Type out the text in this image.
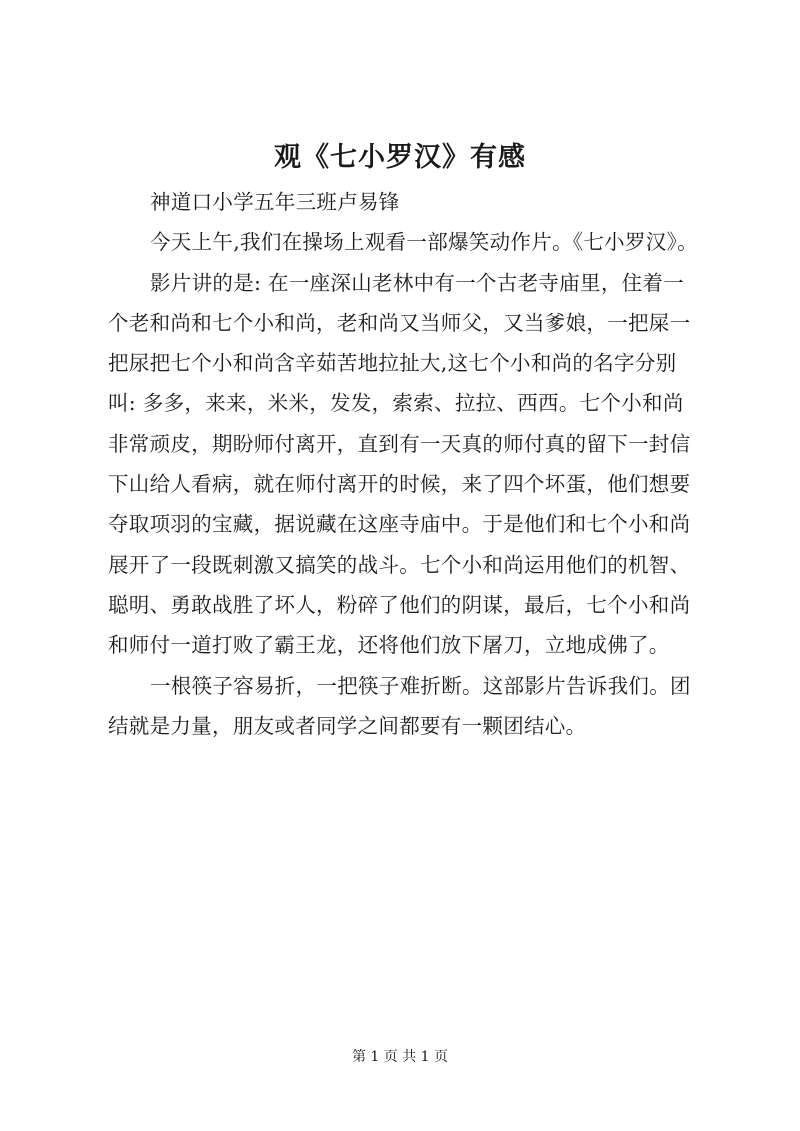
观《七小罗汉》有感
神道口小学五年三班卢易锋
今天上午,我们在操场上观看一部爆笑动作片。《七小罗汉》。
影片讲的是: 在一座深山老林中有一个古老寺庙里，住着一
个老和尚和七个小和尚，老和尚又当师父，又当爹娘，一把屎一
把尿把七个小和尚含辛茹苦地拉扯大,这七个小和尚的名字分别
叫: 多多，来来，米米，发发，索索、拉拉、西西。七个小和尚
非常顽皮，期盼师付离开，直到有一天真的师付真的留下一封信
下山给人看病，就在师付离开的时候，来了四个坏蛋，他们想要
夺取项羽的宝藏，据说藏在这座寺庙中。于是他们和七个小和尚
展开了一段既刺激又搞笑的战斗。七个小和尚运用他们的机智、
聪明、勇敢战胜了坏人，粉碎了他们的阴谋，最后，七个小和尚
和师付一道打败了霸王龙，还将他们放下屠刀，立地成佛了。
一根筷子容易折，一把筷子难折断。这部影片告诉我们。团
结就是力量，朋友或者同学之间都要有一颗团结心。
第 1 页 共 1 页
